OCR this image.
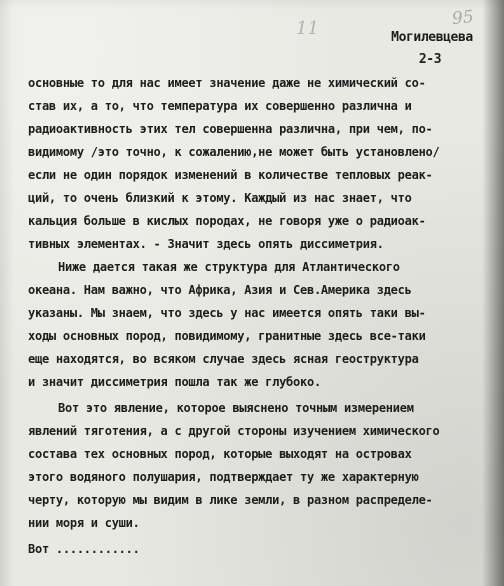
95
11	Могилевцева
2-3
основные то для нас имеет значение даже не химический со-
став их, а то, что температура их совершенно различна и
радиоактивность этих тел совершенна различна, при чем, по-
видимому /это точно, к сожалению,не может быть установлено/
если не один порядок изменений в количестве тепловых реак-
ций, то очень близкий к этому. Каждый из нас знает, что
кальция больше в кислых породах, не говоря уже о радиоак-
тивных элементах. - Значит здесь опять диссиметрия.
Ниже дается такая же структура для Атлантического
океана. Нам важно, что Африка, Азия и Сев.Америка здесь
указаны. Мы знаем, что здесь у нас имеется опять таки вы-
ходы основных пород, повидимому, гранитные здесь все-таки
еще находятся, во всяком случае здесь ясная геоструктура
и значит диссиметрия пошла так же глубоко.
Вот это явление, которое выяснено точным измерением
явлений тяготения, а с другой стороны изучением химического
состава тех основных пород, которые выходят на островах
этого водяного полушария, подтверждает ту же характерную
черту, которую мы видим в лике земли, в разном распределе-
нии моря и суши.
Вот ............
